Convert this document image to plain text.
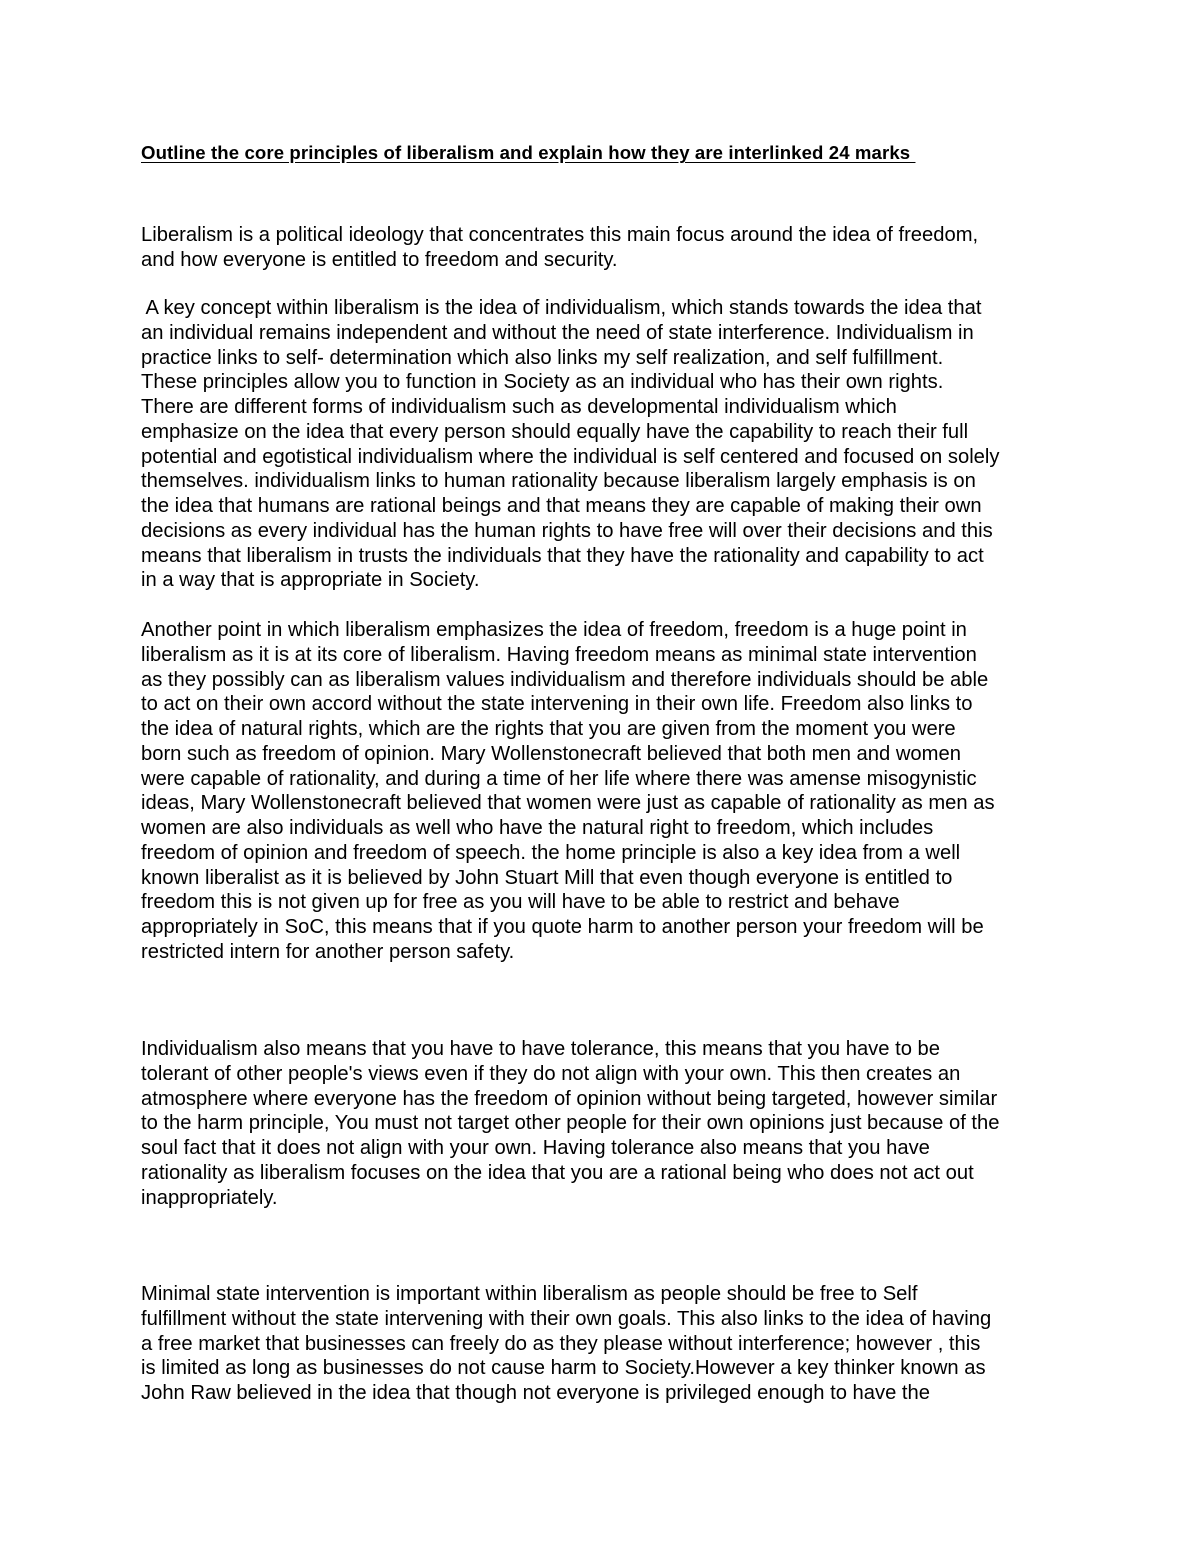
Outline the core principles of liberalism and explain how they are interlinked 24 marks
Liberalism is a political ideology that concentrates this main focus around the idea of freedom,
and how everyone is entitled to freedom and security.
A key concept within liberalism is the idea of individualism, which stands towards the idea that
an individual remains independent and without the need of state interference. Individualism in
practice links to self- determination which also links my self realization, and self fulfillment.
These principles allow you to function in Society as an individual who has their own rights.
There are different forms of individualism such as developmental individualism which
emphasize on the idea that every person should equally have the capability to reach their full
potential and egotistical individualism where the individual is self centered and focused on solely
themselves. individualism links to human rationality because liberalism largely emphasis is on
the idea that humans are rational beings and that means they are capable of making their own
decisions as every individual has the human rights to have free will over their decisions and this
means that liberalism in trusts the individuals that they have the rationality and capability to act
in a way that is appropriate in Society.
Another point in which liberalism emphasizes the idea of freedom, freedom is a huge point in
liberalism as it is at its core of liberalism. Having freedom means as minimal state intervention
as they possibly can as liberalism values individualism and therefore individuals should be able
to act on their own accord without the state intervening in their own life. Freedom also links to
the idea of natural rights, which are the rights that you are given from the moment you were
born such as freedom of opinion. Mary Wollenstonecraft believed that both men and women
were capable of rationality, and during a time of her life where there was amense misogynistic
ideas, Mary Wollenstonecraft believed that women were just as capable of rationality as men as
women are also individuals as well who have the natural right to freedom, which includes
freedom of opinion and freedom of speech. the home principle is also a key idea from a well
known liberalist as it is believed by John Stuart Mill that even though everyone is entitled to
freedom this is not given up for free as you will have to be able to restrict and behave
appropriately in SoC, this means that if you quote harm to another person your freedom will be
restricted intern for another person safety.
Individualism also means that you have to have tolerance, this means that you have to be
tolerant of other people's views even if they do not align with your own. This then creates an
atmosphere where everyone has the freedom of opinion without being targeted, however similar
to the harm principle, You must not target other people for their own opinions just because of the
soul fact that it does not align with your own. Having tolerance also means that you have
rationality as liberalism focuses on the idea that you are a rational being who does not act out
inappropriately.
Minimal state intervention is important within liberalism as people should be free to Self
fulfillment without the state intervening with their own goals. This also links to the idea of having
a free market that businesses can freely do as they please without interference; however , this
is limited as long as businesses do not cause harm to Society.However a key thinker known as
John Raw believed in the idea that though not everyone is privileged enough to have the
